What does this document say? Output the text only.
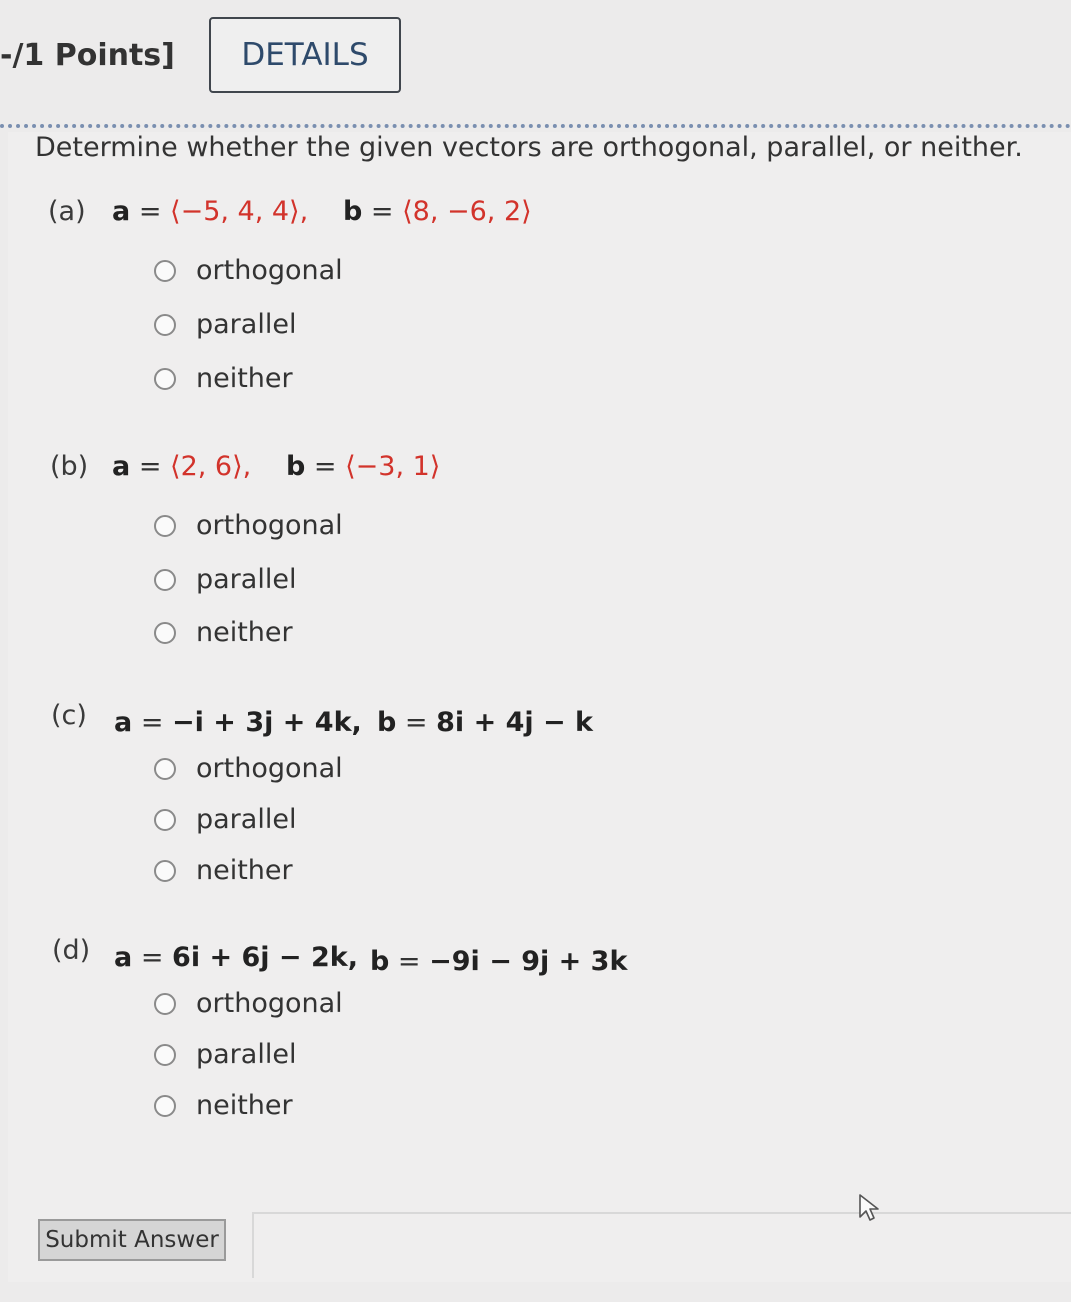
-/1 Points]	DETAILS
Determine whether the given vectors are orthogonal, parallel, or neither.
(a) a = ⟨−5, 4, 4⟩, b = ⟨8, −6, 2⟩
orthogonal
parallel
neither
(b) a = ⟨2, 6⟩, b = ⟨−3, 1⟩
orthogonal
parallel
neither
(c) a = −i + 3j + 4k, b = 8i + 4j − k
orthogonal
parallel
neither
(d) a = 6i + 6j − 2k, b = −9i − 9j + 3k
orthogonal
parallel
neither
Submit Answer
